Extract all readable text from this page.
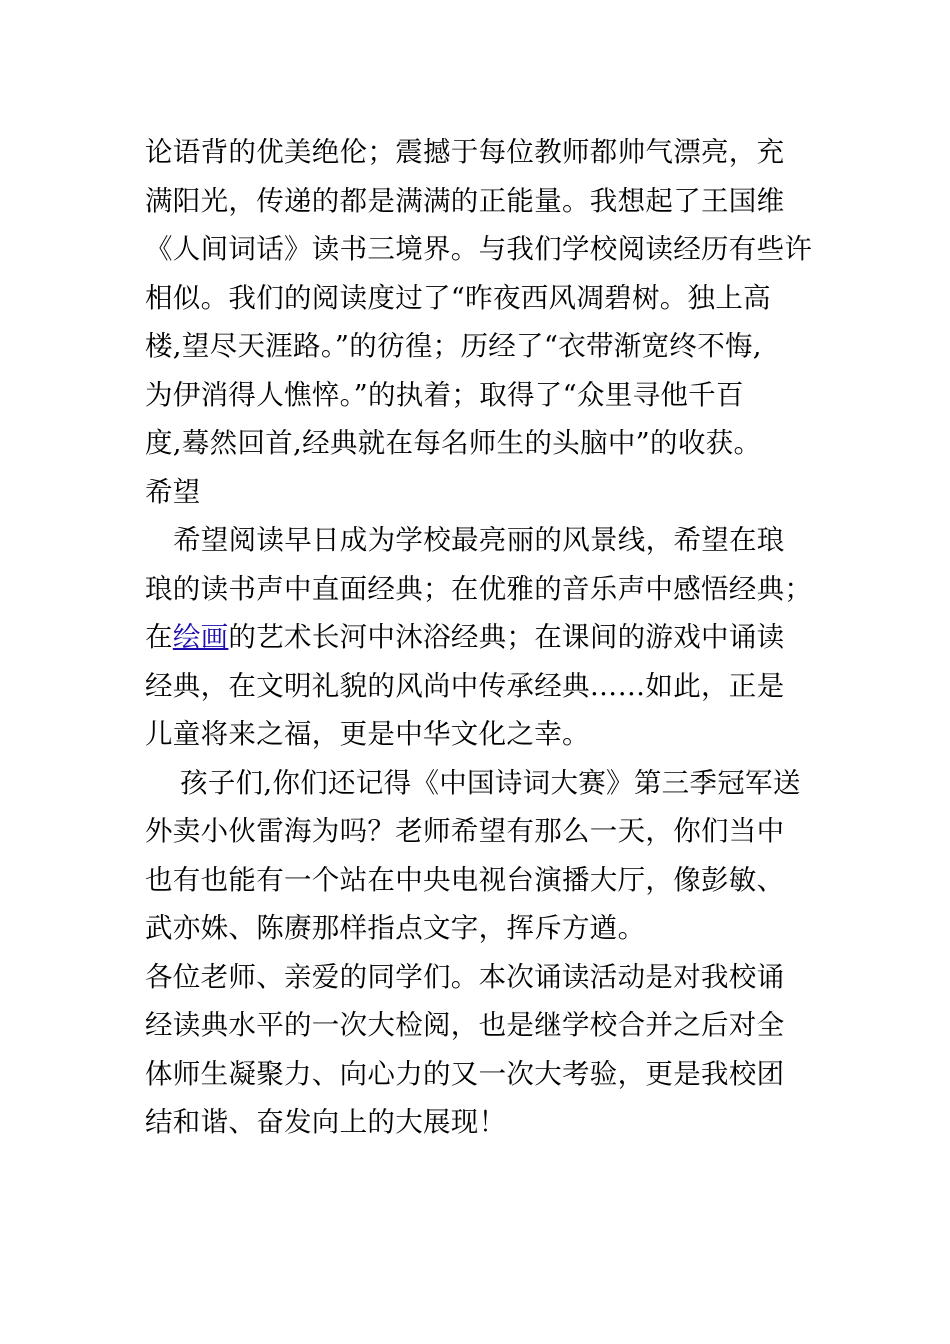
论语背的优美绝伦；震撼于每位教师都帅气漂亮，充
满阳光，传递的都是满满的正能量。我想起了王国维
《人间词话》读书三境界。与我们学校阅读经历有些许
相似。我们的阅读度过了“昨夜西风凋碧树。独上高
楼,望尽天涯路。”的彷徨；历经了“衣带渐宽终不悔,
为伊消得人憔悴。”的执着；取得了“众里寻他千百
度,蓦然回首,经典就在每名师生的头脑中”的收获。
希望
希望阅读早日成为学校最亮丽的风景线，希望在琅
琅的读书声中直面经典；在优雅的音乐声中感悟经典；
在绘画的艺术长河中沐浴经典；在课间的游戏中诵读
经典，在文明礼貌的风尚中传承经典……如此，正是
儿童将来之福，更是中华文化之幸。
孩子们,你们还记得《中国诗词大赛》第三季冠军送
外卖小伙雷海为吗？老师希望有那么一天，你们当中
也有也能有一个站在中央电视台演播大厅，像彭敏、
武亦姝、陈赓那样指点文字，挥斥方遒。
各位老师、亲爱的同学们。本次诵读活动是对我校诵
经读典水平的一次大检阅，也是继学校合并之后对全
体师生凝聚力、向心力的又一次大考验，更是我校团
结和谐、奋发向上的大展现！
